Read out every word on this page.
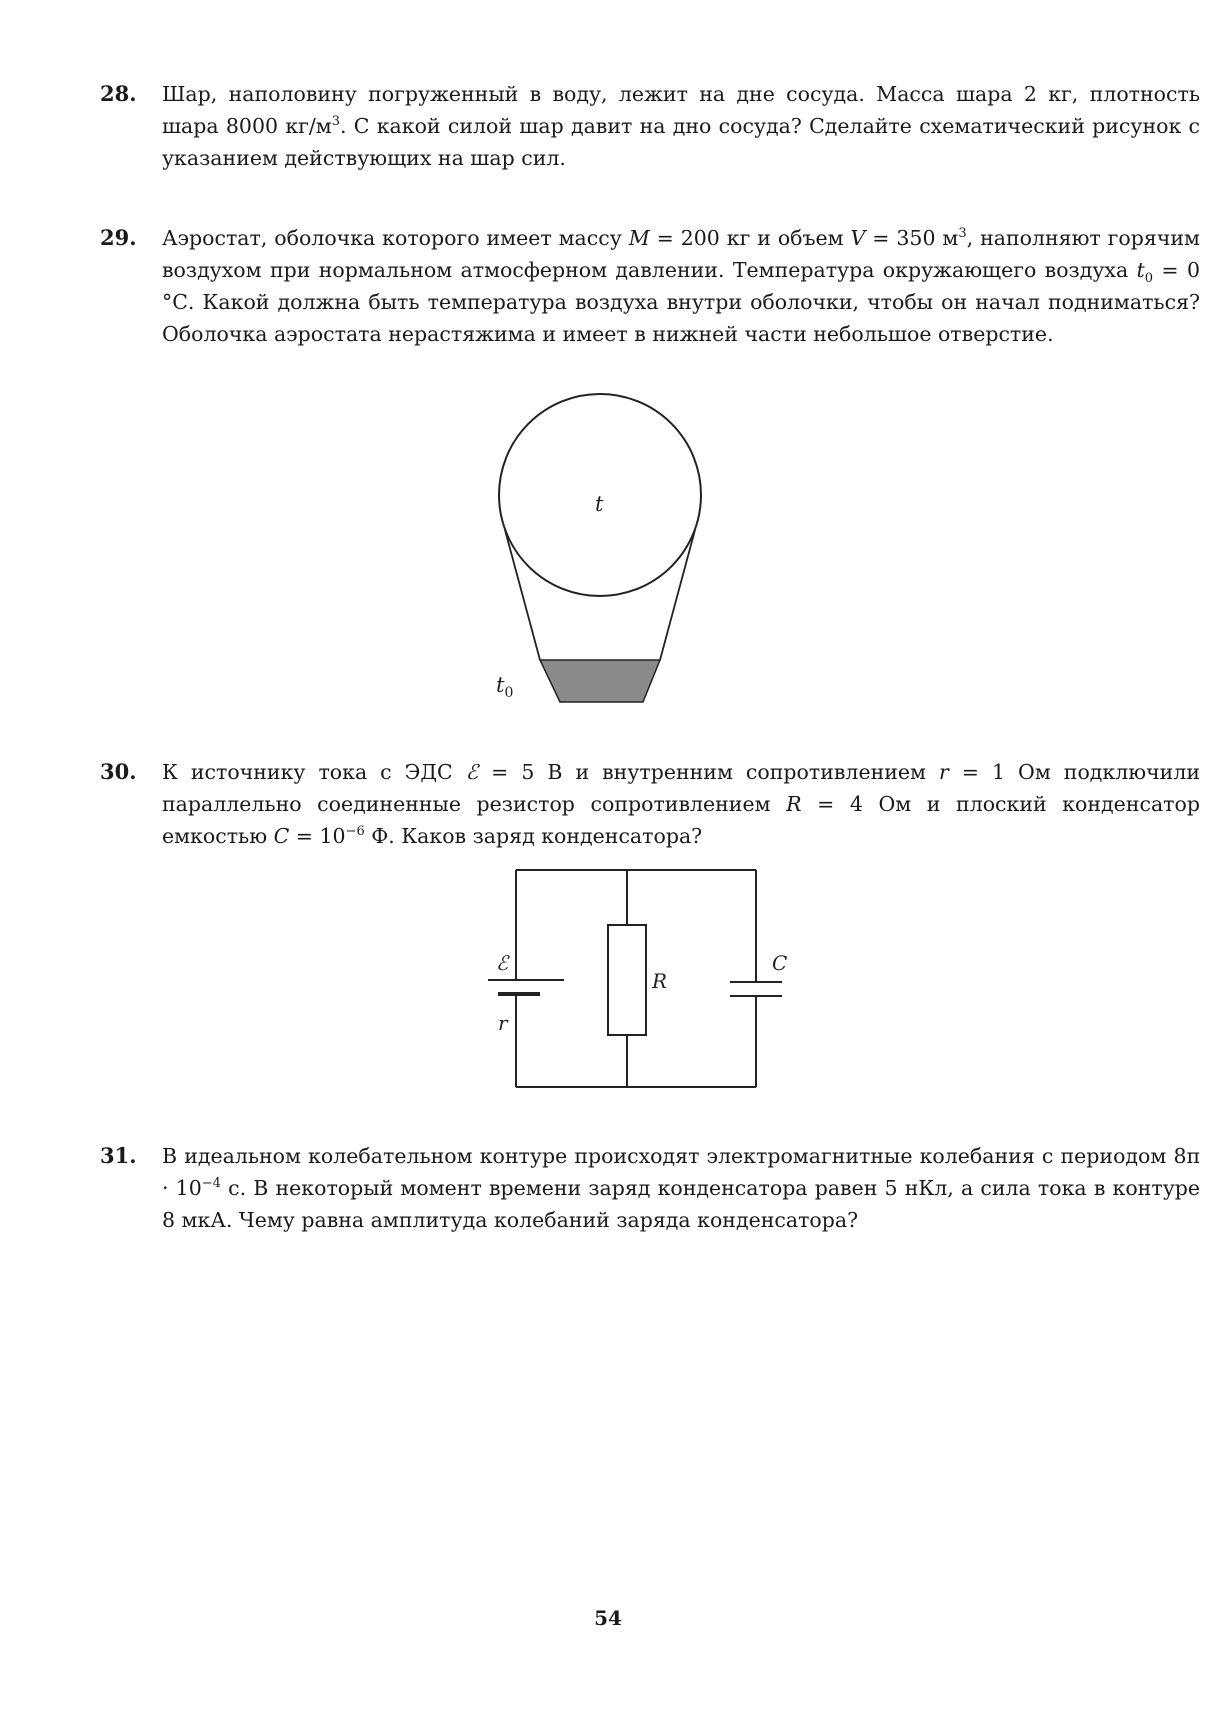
28.	Шар, наполовину погруженный в воду, лежит на дне сосуда. Масса шара 2 кг, плотность шара 8000 $кг/м^3$. С какой силой шар давит на дно сосуда? Сделайте схематический рисунок с указанием действующих на шар сил.
29.	Аэростат, оболочка которого имеет массу M = 200 кг и объем V = 350 $м^3$, наполняют горячим воздухом при нормальном атмосферном давлении. Температура окружающего воздуха $t_0 = 0$ °С. Какой должна быть температура воздуха внутри оболочки, чтобы он начал подниматься? Оболочка аэростата нерастяжима и имеет в нижней части небольшое отверстие.
t
$t_0$
30.	К источнику тока с ЭДС ℰ = 5 В и внутренним сопротивлением r = 1 Ом подключили параллельно соединенные резистор сопротивлением R = 4 Ом и плоский конденсатор емкостью $C = 10^{-6}$ Ф. Каков заряд конденсатора?
ℰ
r
R
C
31.	В идеальном колебательном контуре происходят электромагнитные колебания с периодом $8\pi \cdot 10^{-4}$ с. В некоторый момент времени заряд конденсатора равен 5 нКл, а сила тока в контуре 8 мкА. Чему равна амплитуда колебаний заряда конденсатора?
54
